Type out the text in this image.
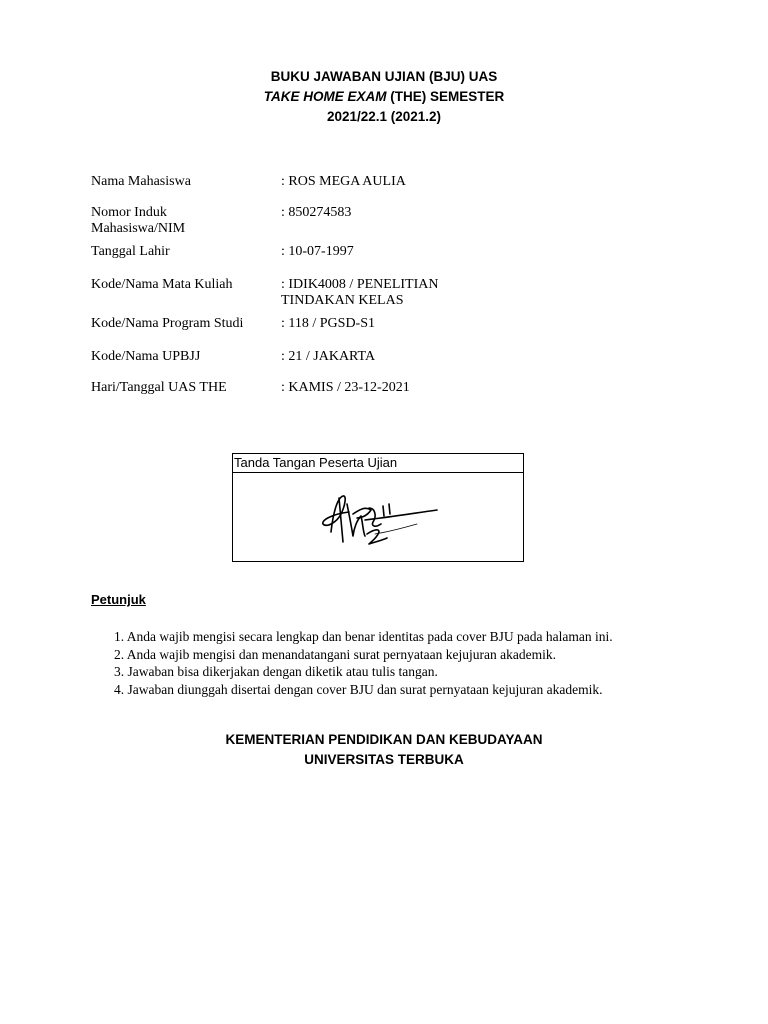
BUKU JAWABAN UJIAN (BJU) UAS
TAKE HOME EXAM (THE) SEMESTER
2021/22.1 (2021.2)
Nama Mahasiswa	: ROS MEGA AULIA
Nomor Induk
Mahasiswa/NIM
: 850274583
Tanggal Lahir	: 10-07-1997
Kode/Nama Mata Kuliah	: IDIK4008 / PENELITIAN
TINDAKAN KELAS
Kode/Nama Program Studi	: 118 / PGSD-S1
Kode/Nama UPBJJ	: 21 / JAKARTA
Hari/Tanggal UAS THE	: KAMIS / 23-12-2021
Tanda Tangan Peserta Ujian
Petunjuk
1. Anda wajib mengisi secara lengkap dan benar identitas pada cover BJU pada halaman ini.
2. Anda wajib mengisi dan menandatangani surat pernyataan kejujuran akademik.
3. Jawaban bisa dikerjakan dengan diketik atau tulis tangan.
4. Jawaban diunggah disertai dengan cover BJU dan surat pernyataan kejujuran akademik.
KEMENTERIAN PENDIDIKAN DAN KEBUDAYAAN
UNIVERSITAS TERBUKA
